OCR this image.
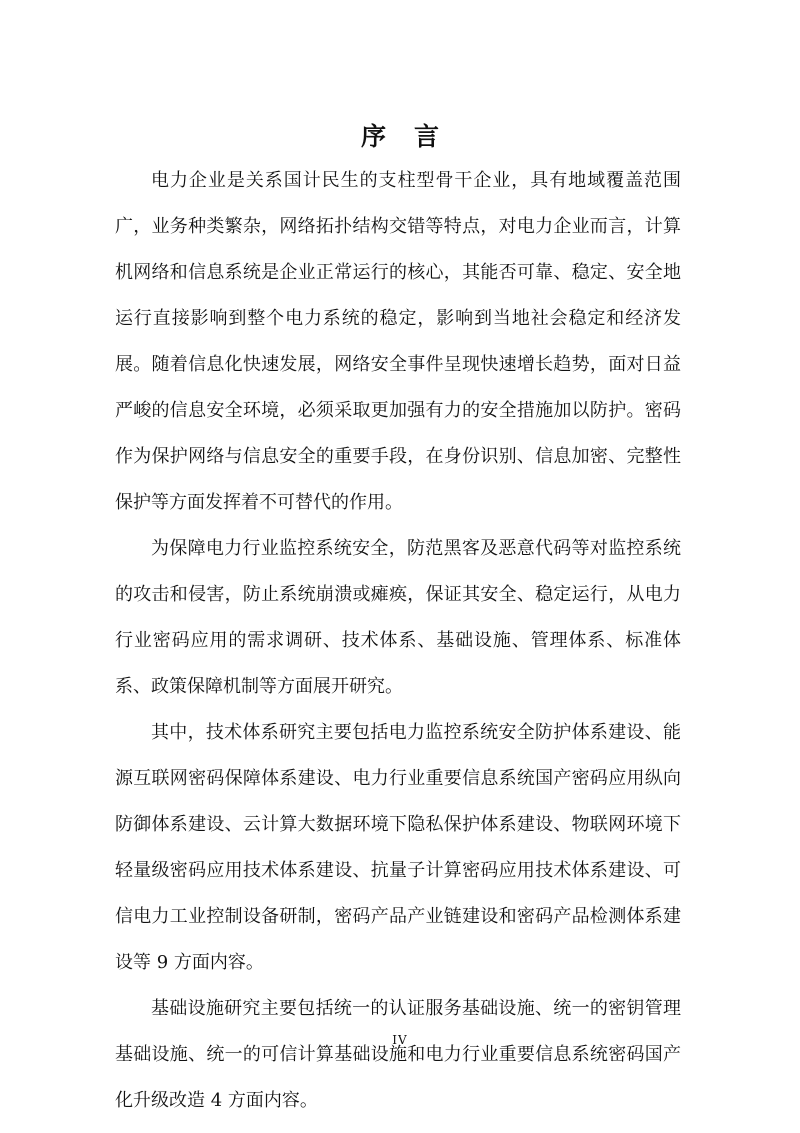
序言

电力企业是关系国计民生的支柱型骨干企业，具有地域覆盖范围广，业务种类繁杂，网络拓扑结构交错等特点，对电力企业而言，计算机网络和信息系统是企业正常运行的核心，其能否可靠、稳定、安全地运行直接影响到整个电力系统的稳定，影响到当地社会稳定和经济发展。随着信息化快速发展，网络安全事件呈现快速增长趋势，面对日益严峻的信息安全环境，必须采取更加强有力的安全措施加以防护。密码作为保护网络与信息安全的重要手段，在身份识别、信息加密、完整性保护等方面发挥着不可替代的作用。

为保障电力行业监控系统安全，防范黑客及恶意代码等对监控系统的攻击和侵害，防止系统崩溃或瘫痪，保证其安全、稳定运行，从电力行业密码应用的需求调研、技术体系、基础设施、管理体系、标准体系、政策保障机制等方面展开研究。

其中，技术体系研究主要包括电力监控系统安全防护体系建设、能源互联网密码保障体系建设、电力行业重要信息系统国产密码应用纵向防御体系建设、云计算大数据环境下隐私保护体系建设、物联网环境下轻量级密码应用技术体系建设、抗量子计算密码应用技术体系建设、可信电力工业控制设备研制，密码产品产业链建设和密码产品检测体系建设等 9 方面内容。

基础设施研究主要包括统一的认证服务基础设施、统一的密钥管理基础设施、统一的可信计算基础设施和电力行业重要信息系统密码国产化升级改造 4 方面内容。

IV
